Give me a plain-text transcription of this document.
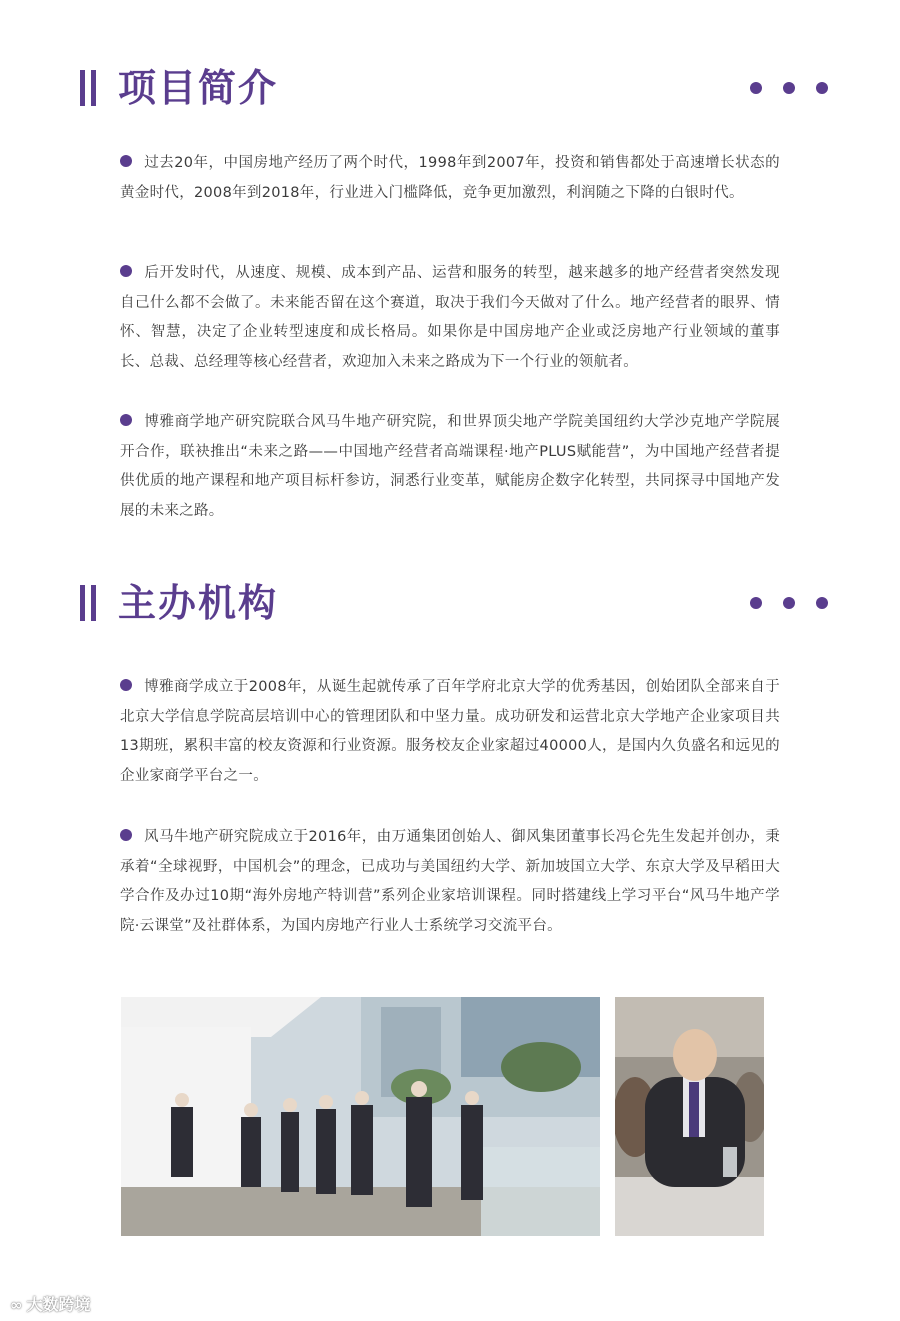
项目简介
过去20年，中国房地产经历了两个时代，1998年到2007年，投资和销售都处于高速增长状态的黄金时代，2008年到2018年，行业进入门槛降低，竞争更加激烈，利润随之下降的白银时代。
后开发时代，从速度、规模、成本到产品、运营和服务的转型，越来越多的地产经营者突然发现自己什么都不会做了。未来能否留在这个赛道，取决于我们今天做对了什么。地产经营者的眼界、情怀、智慧，决定了企业转型速度和成长格局。如果你是中国房地产企业或泛房地产行业领域的董事长、总裁、总经理等核心经营者，欢迎加入未来之路成为下一个行业的领航者。
博雅商学地产研究院联合风马牛地产研究院，和世界顶尖地产学院美国纽约大学沙克地产学院展开合作，联袂推出“未来之路——中国地产经营者高端课程·地产PLUS赋能营”，为中国地产经营者提供优质的地产课程和地产项目标杆参访，洞悉行业变革，赋能房企数字化转型，共同探寻中国地产发展的未来之路。
主办机构
博雅商学成立于2008年，从诞生起就传承了百年学府北京大学的优秀基因，创始团队全部来自于北京大学信息学院高层培训中心的管理团队和中坚力量。成功研发和运营北京大学地产企业家项目共13期班，累积丰富的校友资源和行业资源。服务校友企业家超过40000人，是国内久负盛名和远见的企业家商学平台之一。
风马牛地产研究院成立于2016年，由万通集团创始人、御风集团董事长冯仑先生发起并创办，秉承着“全球视野，中国机会”的理念，已成功与美国纽约大学、新加坡国立大学、东京大学及早稻田大学合作及办过10期“海外房地产特训营”系列企业家培训课程。同时搭建线上学习平台“风马牛地产学院·云课堂”及社群体系，为国内房地产行业人士系统学习交流平台。
∞ 大数跨境
